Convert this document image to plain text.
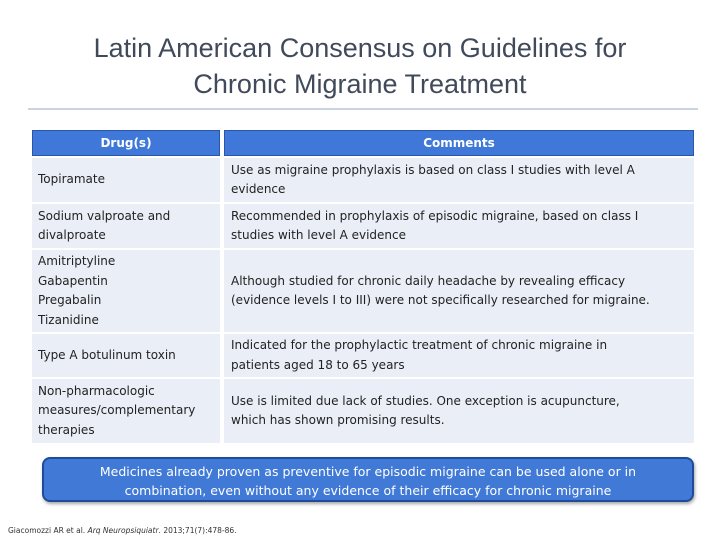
Latin American Consensus on Guidelines for
Chronic Migraine Treatment
Drug(s)	Comments
Topiramate
Use as migraine prophylaxis is based on class I studies with level A
evidence
Sodium valproate and
divalproate
Recommended in prophylaxis of episodic migraine, based on class I
studies with level A evidence
Amitriptyline
Gabapentin
Pregabalin
Tizanidine
Although studied for chronic daily headache by revealing efficacy
(evidence levels I to III) were not specifically researched for migraine.
Type A botulinum toxin
Indicated for the prophylactic treatment of chronic migraine in
patients aged 18 to 65 years
Non-pharmacologic
measures/complementary
therapies
Use is limited due lack of studies. One exception is acupuncture,
which has shown promising results.
Medicines already proven as preventive for episodic migraine can be used alone or in
combination, even without any evidence of their efficacy for chronic migraine
Giacomozzi AR et al. Arq Neuropsiquiatr. 2013;71(7):478-86.
